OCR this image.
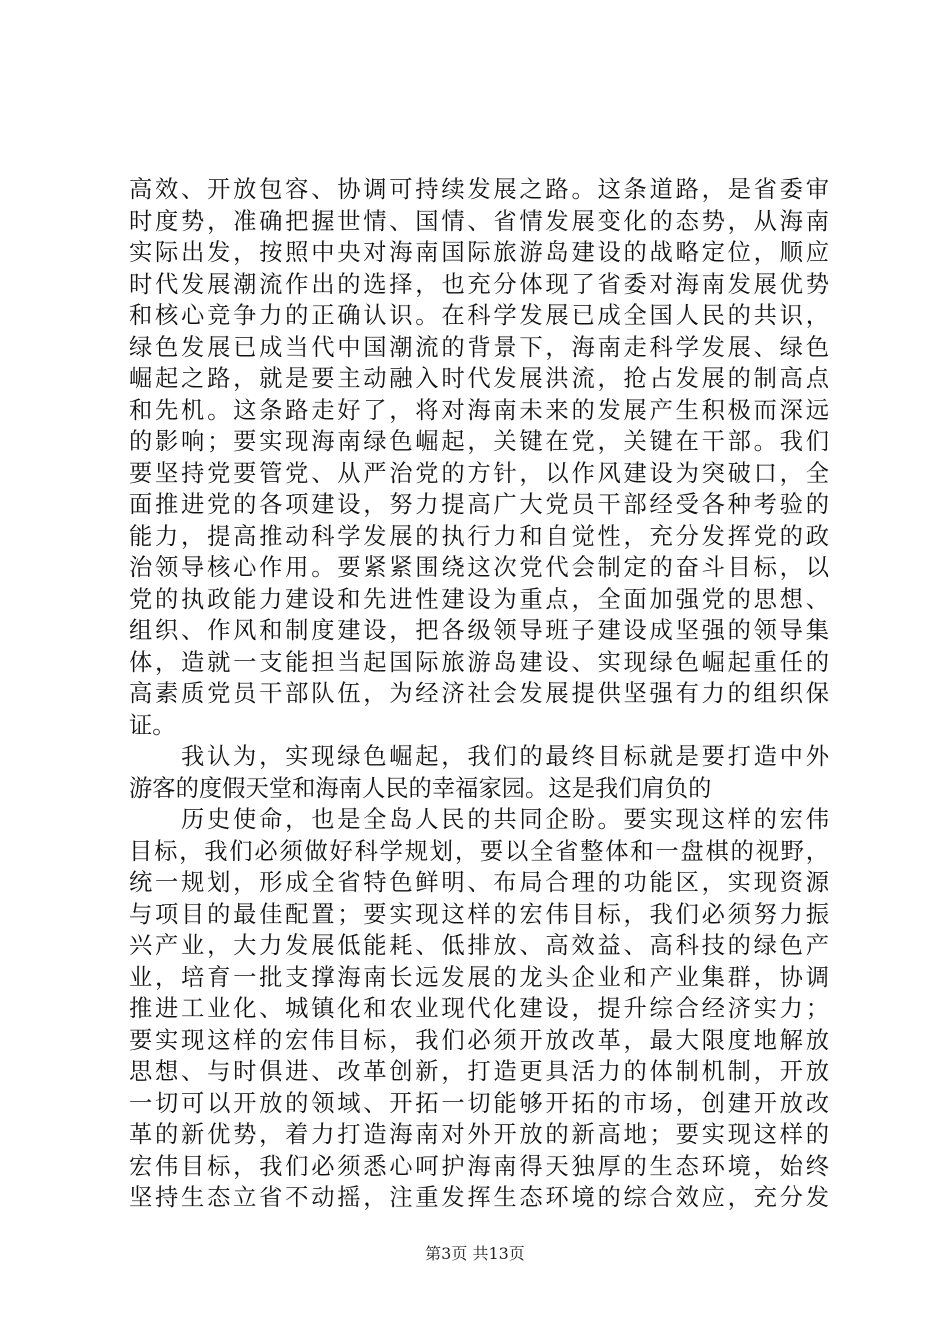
高效、开放包容、协调可持续发展之路。这条道路，是省委审
时度势，准确把握世情、国情、省情发展变化的态势，从海南
实际出发，按照中央对海南国际旅游岛建设的战略定位，顺应
时代发展潮流作出的选择，也充分体现了省委对海南发展优势
和核心竞争力的正确认识。在科学发展已成全国人民的共识，
绿色发展已成当代中国潮流的背景下，海南走科学发展、绿色
崛起之路，就是要主动融入时代发展洪流，抢占发展的制高点
和先机。这条路走好了，将对海南未来的发展产生积极而深远
的影响；要实现海南绿色崛起，关键在党，关键在干部。我们
要坚持党要管党、从严治党的方针，以作风建设为突破口，全
面推进党的各项建设，努力提高广大党员干部经受各种考验的
能力，提高推动科学发展的执行力和自觉性，充分发挥党的政
治领导核心作用。要紧紧围绕这次党代会制定的奋斗目标，以
党的执政能力建设和先进性建设为重点，全面加强党的思想、
组织、作风和制度建设，把各级领导班子建设成坚强的领导集
体，造就一支能担当起国际旅游岛建设、实现绿色崛起重任的
高素质党员干部队伍，为经济社会发展提供坚强有力的组织保
证。
我认为，实现绿色崛起，我们的最终目标就是要打造中外
游客的度假天堂和海南人民的幸福家园。这是我们肩负的
历史使命，也是全岛人民的共同企盼。要实现这样的宏伟
目标，我们必须做好科学规划，要以全省整体和一盘棋的视野，
统一规划，形成全省特色鲜明、布局合理的功能区，实现资源
与项目的最佳配置；要实现这样的宏伟目标，我们必须努力振
兴产业，大力发展低能耗、低排放、高效益、高科技的绿色产
业，培育一批支撑海南长远发展的龙头企业和产业集群，协调
推进工业化、城镇化和农业现代化建设，提升综合经济实力；
要实现这样的宏伟目标，我们必须开放改革，最大限度地解放
思想、与时俱进、改革创新，打造更具活力的体制机制，开放
一切可以开放的领域、开拓一切能够开拓的市场，创建开放改
革的新优势，着力打造海南对外开放的新高地；要实现这样的
宏伟目标，我们必须悉心呵护海南得天独厚的生态环境，始终
坚持生态立省不动摇，注重发挥生态环境的综合效应，充分发
第3页 共13页
